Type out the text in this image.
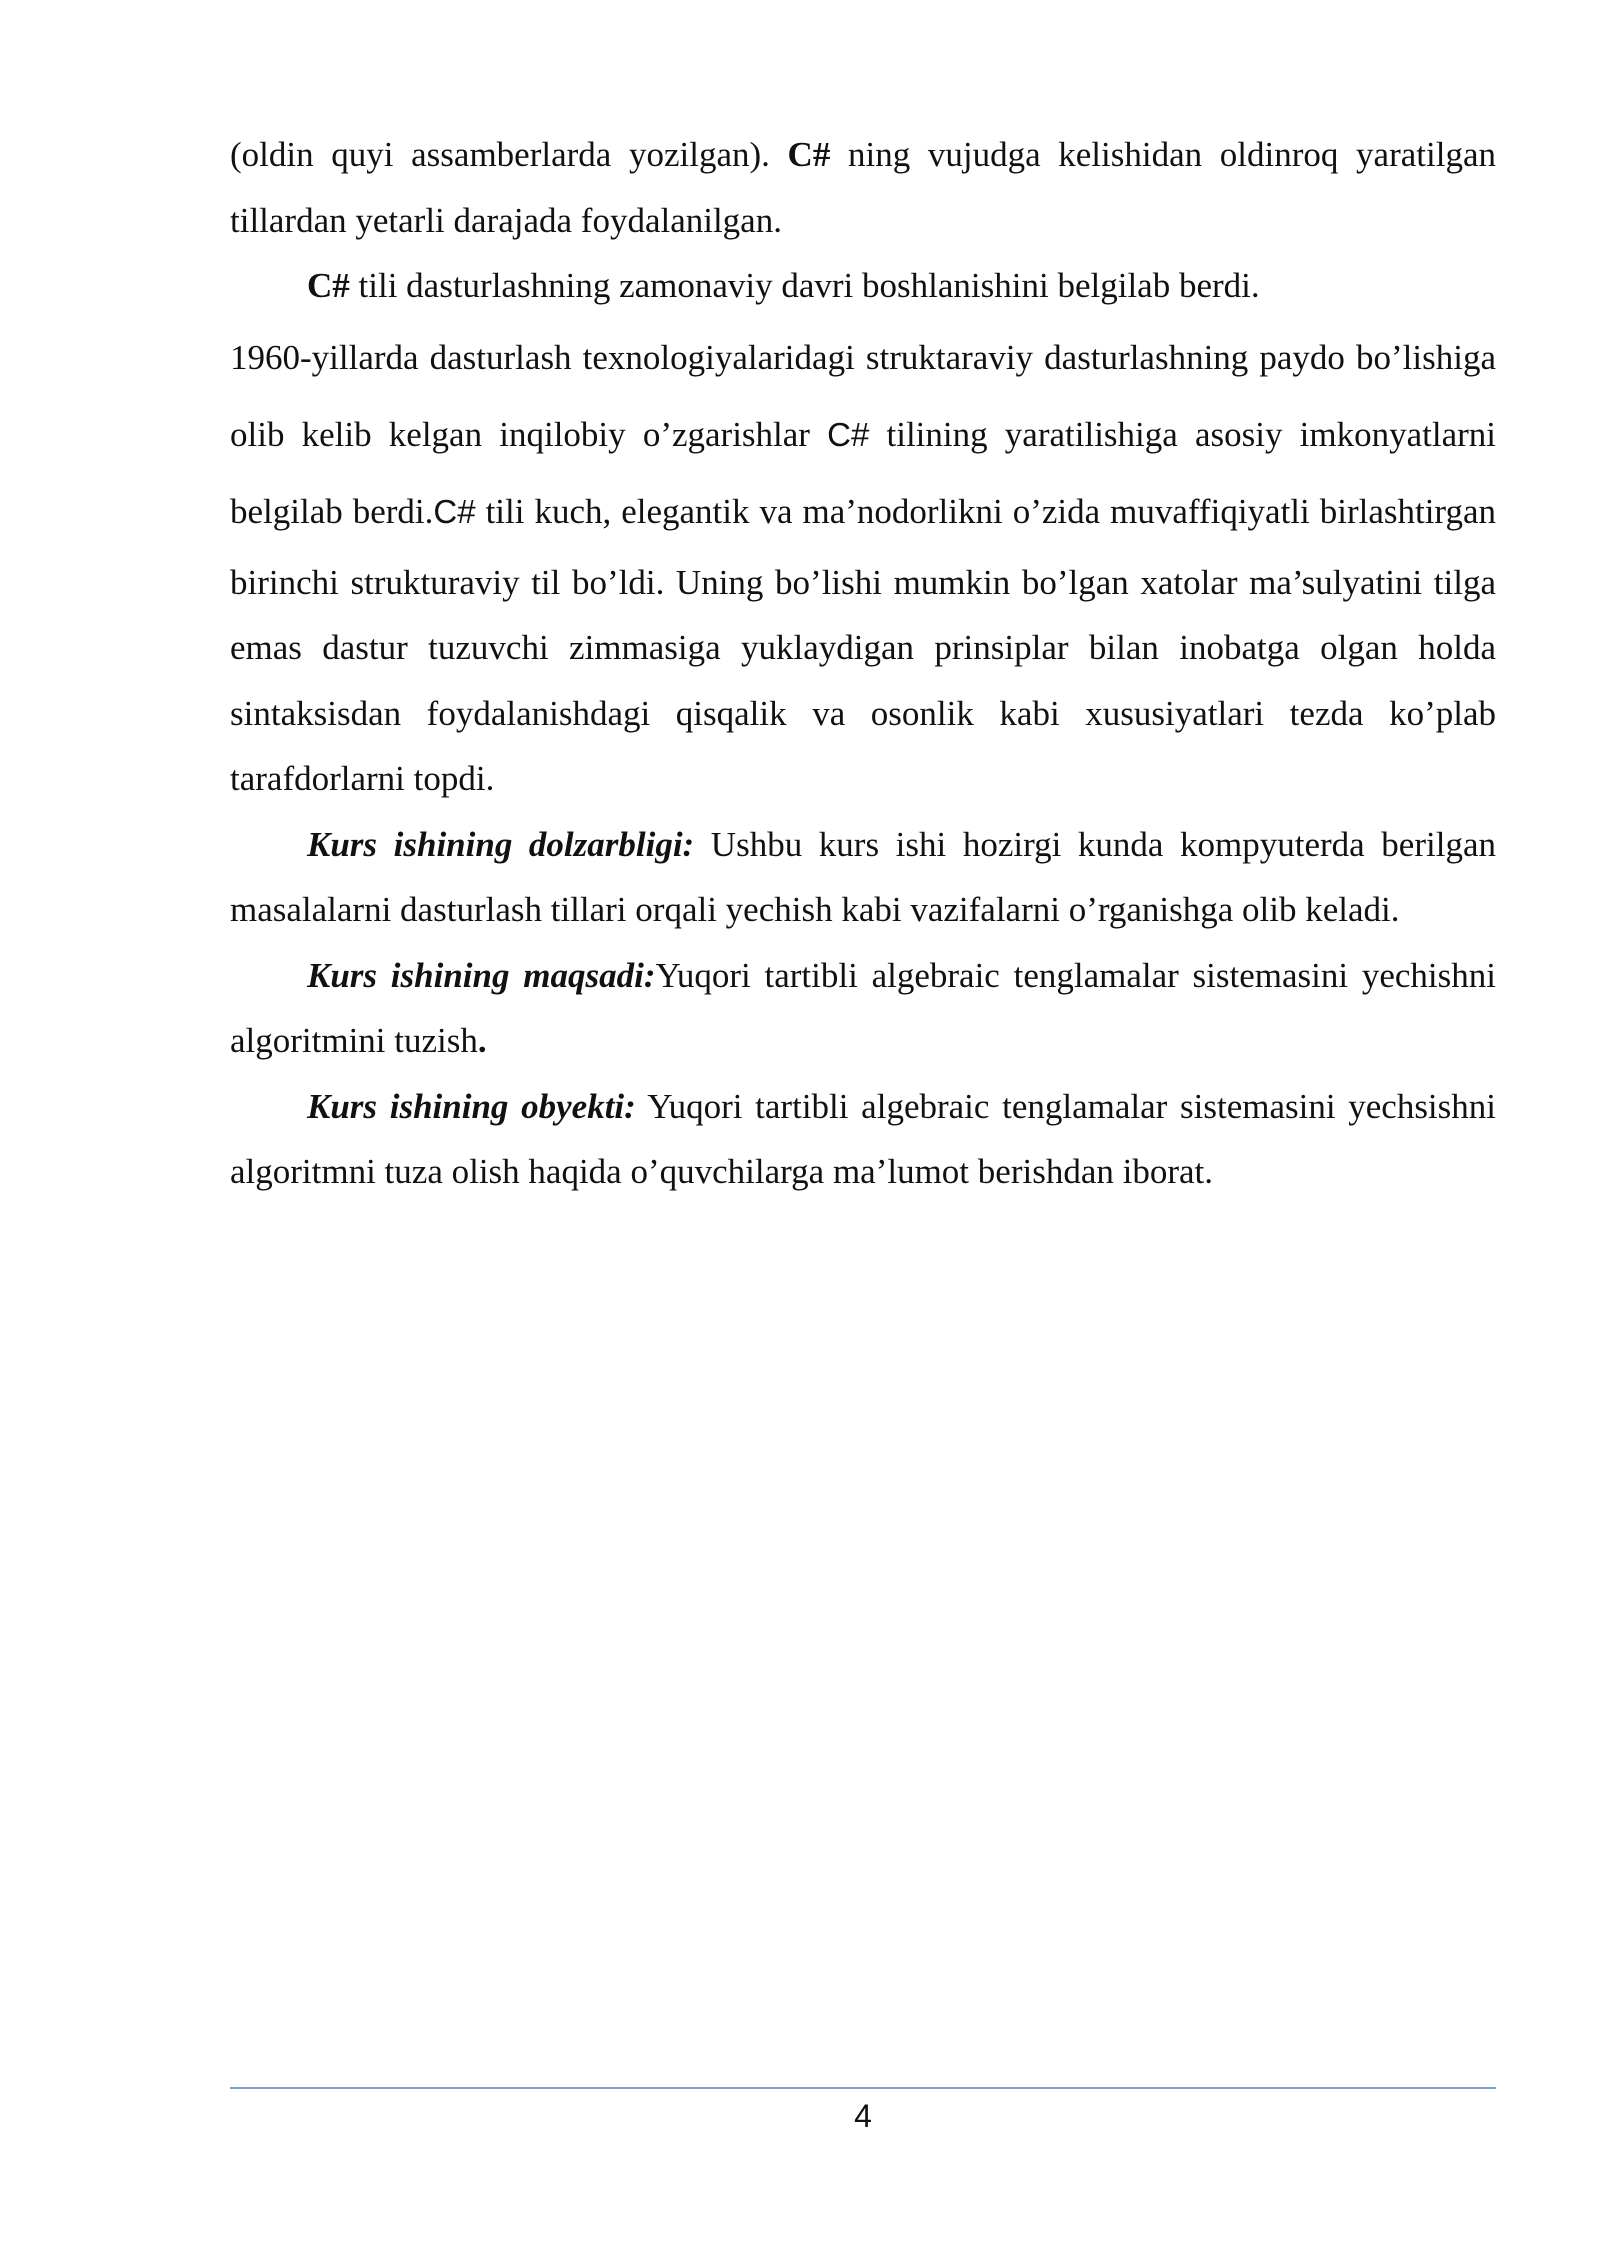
(oldin quyi assamberlarda yozilgan). C# ning vujudga kelishidan oldinroq yaratilgan tillardan yetarli darajada foydalanilgan.

C# tili dasturlashning zamonaviy davri boshlanishini belgilab berdi.

1960-yillarda dasturlash texnologiyalaridagi struktaraviy dasturlashning paydo bo’lishiga olib kelib kelgan inqilobiy o’zgarishlar C# tilining yaratilishiga asosiy imkonyatlarni belgilab berdi.C# tili kuch, elegantik va ma’nodorlikni o’zida muvaffiqiyatli birlashtirgan birinchi strukturaviy til bo’ldi. Uning bo’lishi mumkin bo’lgan xatolar ma’sulyatini tilga emas dastur tuzuvchi zimmasiga yuklaydigan prinsiplar bilan inobatga olgan holda sintaksisdan foydalanishdagi qisqalik va osonlik kabi xususiyatlari tezda ko’plab tarafdorlarni topdi.

Kurs ishining dolzarbligi: Ushbu kurs ishi hozirgi kunda kompyuterda berilgan masalalarni dasturlash tillari orqali yechish kabi vazifalarni o’rganishga olib keladi.

Kurs ishining maqsadi:Yuqori tartibli algebraic tenglamalar sistemasini yechishni algoritmini tuzish.

Kurs ishining obyekti: Yuqori tartibli algebraic tenglamalar sistemasini yechsishni algoritmni tuza olish haqida o’quvchilarga ma’lumot berishdan iborat.

4
